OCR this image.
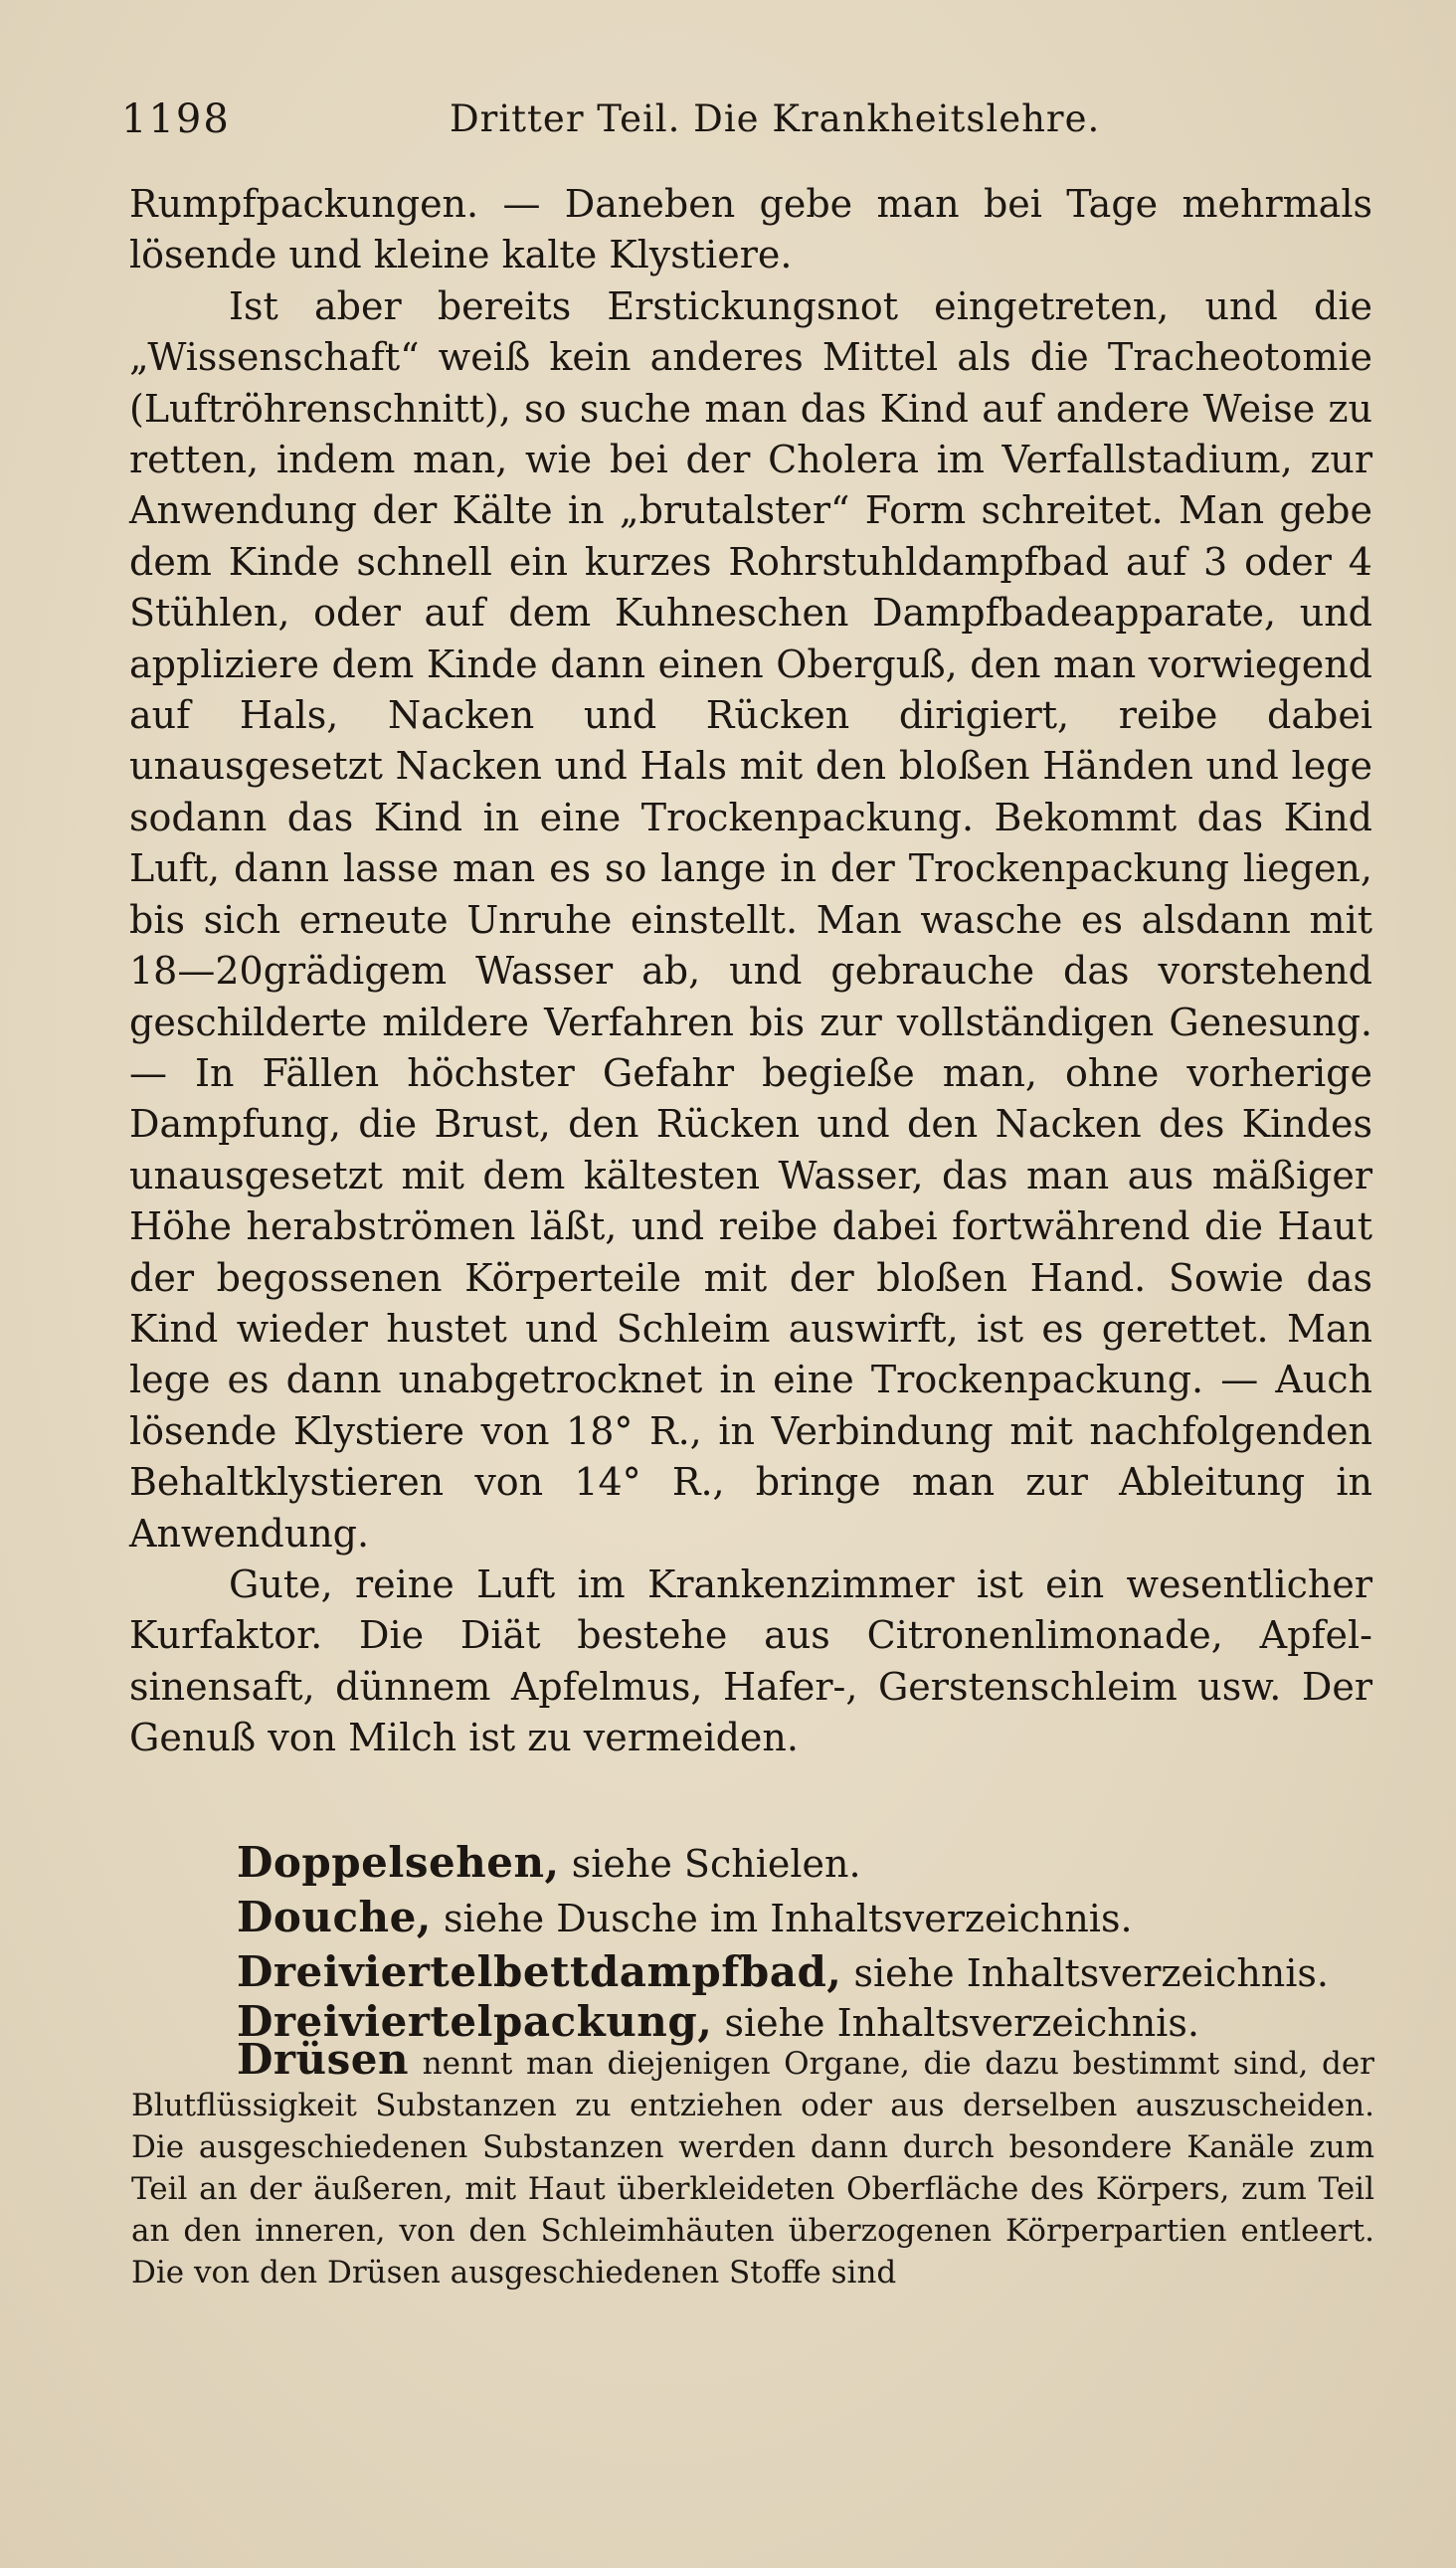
1198	Dritter Teil. Die Krankheitslehre.

Rumpfpackungen. — Daneben gebe man bei Tage mehrmals lösende und kleine kalte Klystiere.

Ist aber bereits Erstickungsnot eingetreten, und die „Wissenschaft“ weiß kein anderes Mittel als die Tracheotomie (Luftröhrenschnitt), so suche man das Kind auf andere Weise zu retten, indem man, wie bei der Cholera im Verfallstadium, zur Anwendung der Kälte in „brutalster“ Form schreitet. Man gebe dem Kinde schnell ein kurzes Rohrstuhldampfbad auf 3 oder 4 Stühlen, oder auf dem Kuhneschen Dampfbadeapparate, und appliziere dem Kinde dann einen Oberguß, den man vorwiegend auf Hals, Nacken und Rücken dirigiert, reibe dabei unausgesetzt Nacken und Hals mit den bloßen Händen und lege sodann das Kind in eine Trockenpackung. Bekommt das Kind Luft, dann lasse man es so lange in der Trockenpackung liegen, bis sich erneute Unruhe einstellt. Man wasche es alsdann mit 18—20grädigem Wasser ab, und gebrauche das vorstehend geschilderte mildere Verfahren bis zur vollständigen Genesung. — In Fällen höchster Gefahr begieße man, ohne vorherige Dampfung, die Brust, den Rücken und den Nacken des Kindes unausgesetzt mit dem kältesten Wasser, das man aus mäßiger Höhe herabströmen läßt, und reibe dabei fortwährend die Haut der begossenen Körperteile mit der bloßen Hand. Sowie das Kind wieder hustet und Schleim auswirft, ist es gerettet. Man lege es dann unabgetrocknet in eine Trockenpackung. — Auch lösende Klystiere von 18° R., in Verbindung mit nachfolgenden Behaltklystieren von 14° R., bringe man zur Ableitung in Anwendung.

Gute, reine Luft im Krankenzimmer ist ein wesentlicher Kurfaktor. Die Diät bestehe aus Citronenlimonade, Apfelsinensaft, dünnem Apfelmus, Hafer-, Gerstenschleim usw. Der Genuß von Milch ist zu vermeiden.

Doppelsehen, siehe Schielen.
Douche, siehe Dusche im Inhaltsverzeichnis.
Dreiviertelbettdampfbad, siehe Inhaltsverzeichnis.
Dreiviertelpackung, siehe Inhaltsverzeichnis.
Drüsen nennt man diejenigen Organe, die dazu bestimmt sind, der Blutflüssigkeit Substanzen zu entziehen oder aus derselben auszuscheiden. Die ausgeschiedenen Substanzen werden dann durch besondere Kanäle zum Teil an der äußeren, mit Haut überkleideten Oberfläche des Körpers, zum Teil an den inneren, von den Schleimhäuten überzogenen Körperpartien entleert. Die von den Drüsen ausgeschiedenen Stoffe sind
